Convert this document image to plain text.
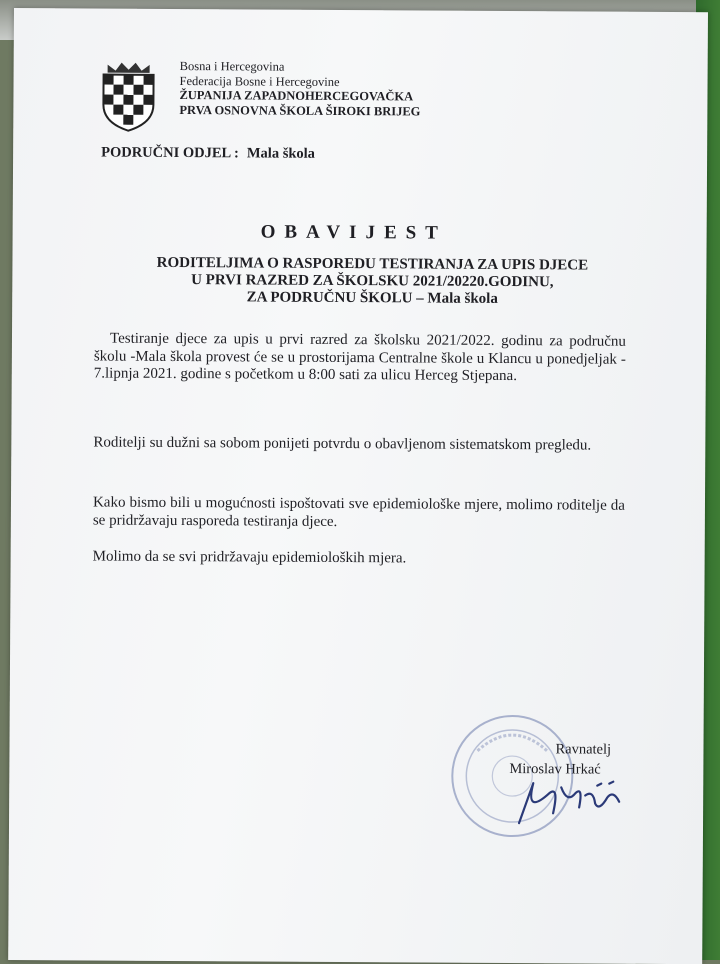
Bosna i Hercegovina
Federacija Bosne i Hercegovine
ŽUPANIJA ZAPADNOHERCEGOVAČKA
PRVA OSNOVNA ŠKOLA ŠIROKI BRIJEG
PODRUČNI ODJEL : Mala škola
OBAVIJEST
RODITELJIMA O RASPOREDU TESTIRANJA ZA UPIS DJECE
U PRVI RAZRED ZA ŠKOLSKU 2021/20220.GODINU,
ZA PODRUČNU ŠKOLU – Mala škola

Testiranje djece za upis u prvi razred za školsku 2021/2022. godinu za područnu školu -Mala škola provest će se u prostorijama Centralne škole u Klancu u ponedjeljak - 7.lipnja 2021. godine s početkom u 8:00 sati za ulicu Herceg Stjepana.

Roditelji su dužni sa sobom ponijeti potvrdu o obavljenom sistematskom pregledu.

Kako bismo bili u mogućnosti ispoštovati sve epidemiološke mjere, molimo roditelje da se pridržavaju rasporeda testiranja djece.

Molimo da se svi pridržavaju epidemioloških mjera.

Ravnatelj
Miroslav Hrkać
